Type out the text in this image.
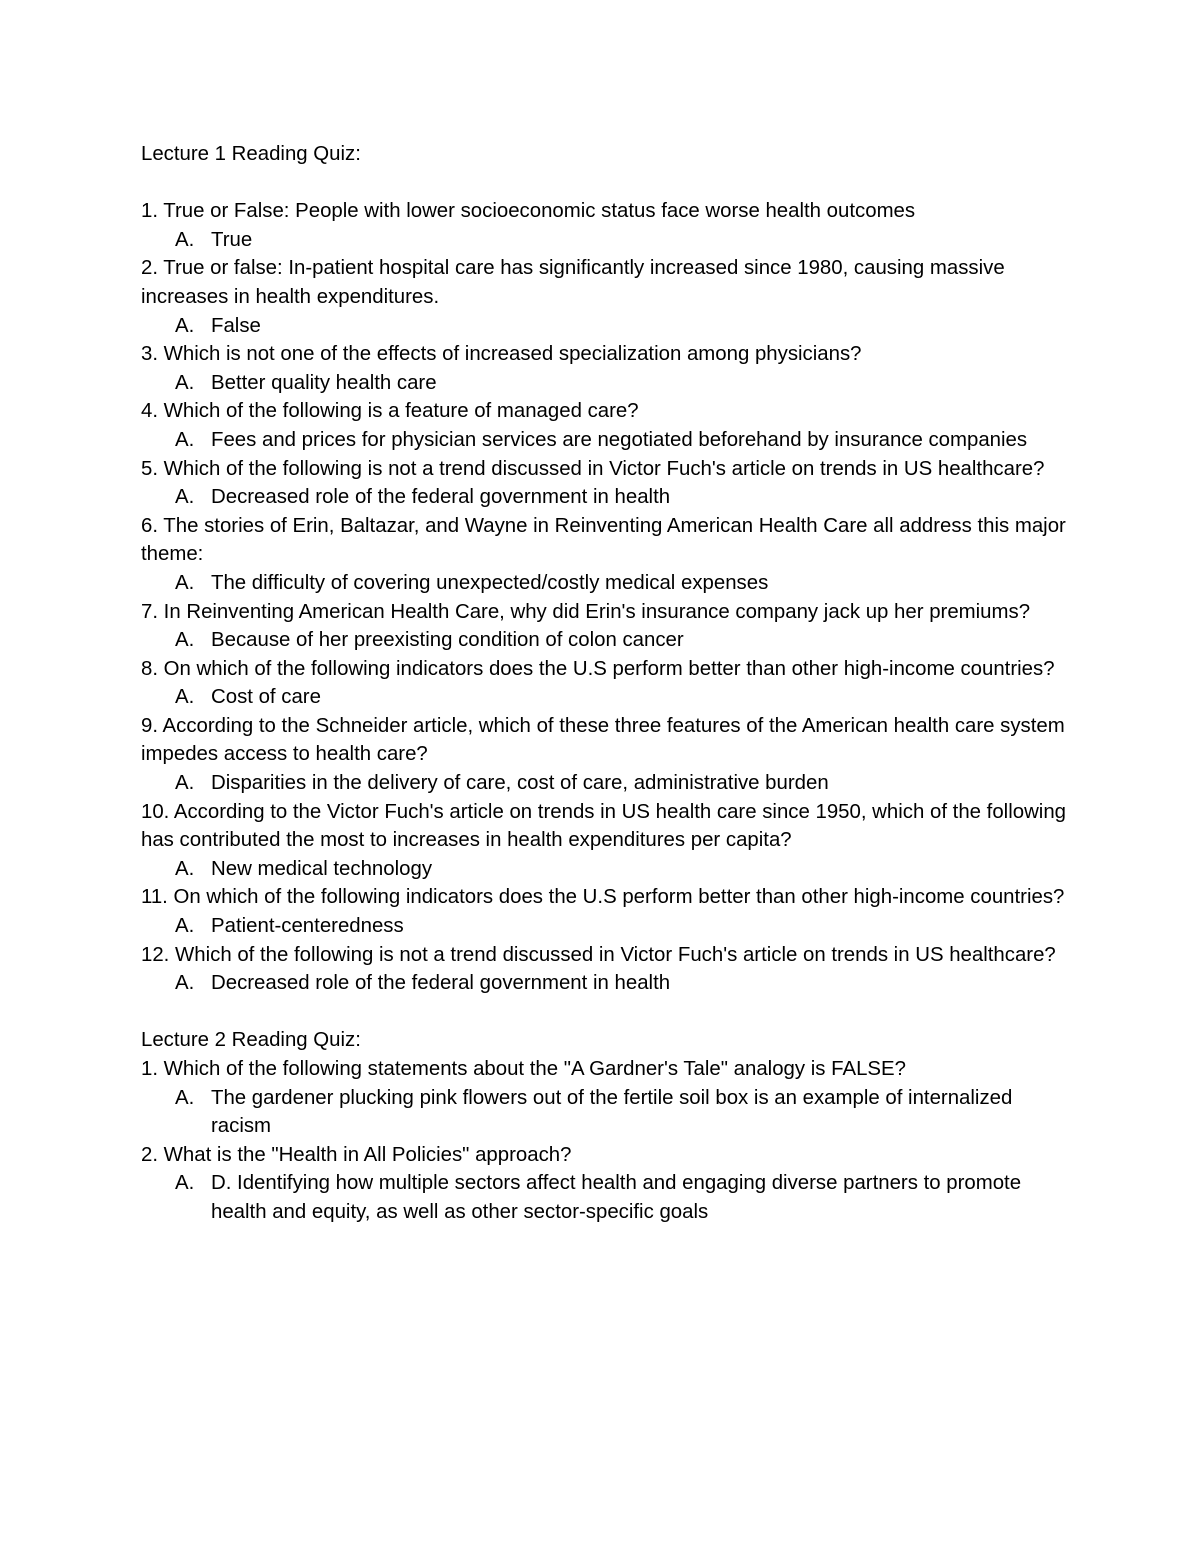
Lecture 1 Reading Quiz:

1. True or False: People with lower socioeconomic status face worse health outcomes

A. True

2. True or false: In-patient hospital care has significantly increased since 1980, causing massive increases in health expenditures.

A. False

3. Which is not one of the effects of increased specialization among physicians?

A. Better quality health care

4. Which of the following is a feature of managed care?

A. Fees and prices for physician services are negotiated beforehand by insurance companies

5. Which of the following is not a trend discussed in Victor Fuch's article on trends in US healthcare?

A. Decreased role of the federal government in health

6. The stories of Erin, Baltazar, and Wayne in Reinventing American Health Care all address this major theme:

A. The difficulty of covering unexpected/costly medical expenses

7. In Reinventing American Health Care, why did Erin's insurance company jack up her premiums?

A. Because of her preexisting condition of colon cancer

8. On which of the following indicators does the U.S perform better than other high-income countries?

A. Cost of care

9. According to the Schneider article, which of these three features of the American health care system impedes access to health care?

A. Disparities in the delivery of care, cost of care, administrative burden

10. According to the Victor Fuch's article on trends in US health care since 1950, which of the following has contributed the most to increases in health expenditures per capita?

A. New medical technology

11. On which of the following indicators does the U.S perform better than other high-income countries?

A. Patient-centeredness

12. Which of the following is not a trend discussed in Victor Fuch's article on trends in US healthcare?

A. Decreased role of the federal government in health

Lecture 2 Reading Quiz:

1. Which of the following statements about the "A Gardner's Tale" analogy is FALSE?

A. The gardener plucking pink flowers out of the fertile soil box is an example of internalized racism

2. What is the "Health in All Policies" approach?

A. D. Identifying how multiple sectors affect health and engaging diverse partners to promote health and equity, as well as other sector-specific goals
